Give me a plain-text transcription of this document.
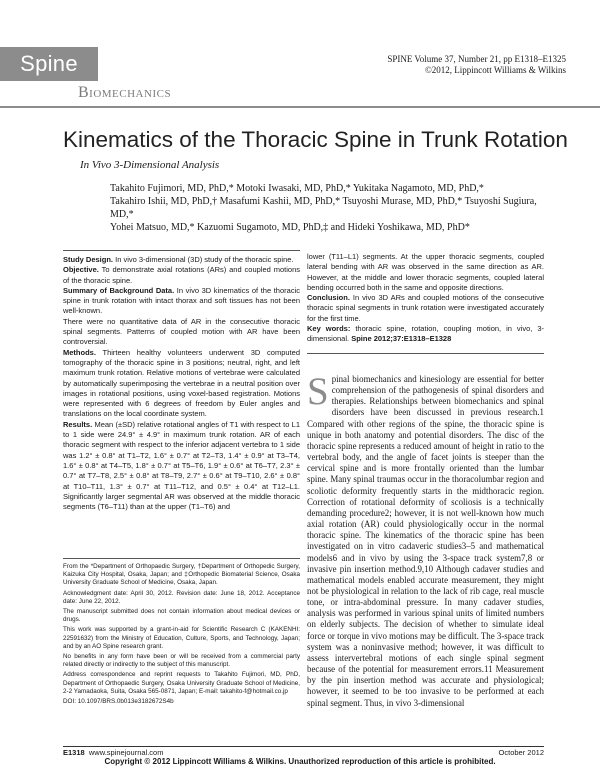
Spine	SPINE Volume 37, Number 21, pp E1318–E1325
©2012, Lippincott Williams & Wilkins
Biomechanics
Kinematics of the Thoracic Spine in Trunk Rotation
In Vivo 3-Dimensional Analysis
Takahito Fujimori, MD, PhD,* Motoki Iwasaki, MD, PhD,* Yukitaka Nagamoto, MD, PhD,*
Takahiro Ishii, MD, PhD,† Masafumi Kashii, MD, PhD,* Tsuyoshi Murase, MD, PhD,* Tsuyoshi Sugiura, MD,*
Yohei Matsuo, MD,* Kazuomi Sugamoto, MD, PhD,‡ and Hideki Yoshikawa, MD, PhD*

Study Design. In vivo 3-dimensional (3D) study of the thoracic spine.

Objective. To demonstrate axial rotations (ARs) and coupled motions of the thoracic spine.

Summary of Background Data. In vivo 3D kinematics of the thoracic spine in trunk rotation with intact thorax and soft tissues has not been well-known.

There were no quantitative data of AR in the consecutive thoracic spinal segments. Patterns of coupled motion with AR have been controversial.

Methods. Thirteen healthy volunteers underwent 3D computed tomography of the thoracic spine in 3 positions; neutral, right, and left maximum trunk rotation. Relative motions of vertebrae were calculated by automatically superimposing the vertebrae in a neutral position over images in rotational positions, using voxel-based registration. Motions were represented with 6 degrees of freedom by Euler angles and translations on the local coordinate system.

Results. Mean (±SD) relative rotational angles of T1 with respect to L1 to 1 side were 24.9° ± 4.9° in maximum trunk rotation. AR of each thoracic segment with respect to the inferior adjacent vertebra to 1 side was 1.2° ± 0.8° at T1–T2, 1.6° ± 0.7° at T2–T3, 1.4° ± 0.9° at T3–T4, 1.6° ± 0.8° at T4–T5, 1.8° ± 0.7° at T5–T6, 1.9° ± 0.6° at T6–T7, 2.3° ± 0.7° at T7–T8, 2.5° ± 0.8° at T8–T9, 2.7° ± 0.6° at T9–T10, 2.6° ± 0.8° at T10–T11, 1.3° ± 0.7° at T11–T12, and 0.5° ± 0.4° at T12–L1. Significantly larger segmental AR was observed at the middle thoracic segments (T6–T11) than at the upper (T1–T6) and

lower (T11–L1) segments. At the upper thoracic segments, coupled lateral bending with AR was observed in the same direction as AR. However, at the middle and lower thoracic segments, coupled lateral bending occurred both in the same and opposite directions.

Conclusion. In vivo 3D ARs and coupled motions of the consecutive thoracic spinal segments in trunk rotation were investigated accurately for the first time.

Key words: thoracic spine, rotation, coupling motion, in vivo, 3-dimensional. Spine 2012;37:E1318–E1328

Spinal biomechanics and kinesiology are essential for better comprehension of the pathogenesis of spinal disorders and therapies. Relationships between biomechanics and spinal disorders have been discussed in previous research.1 Compared with other regions of the spine, the thoracic spine is unique in both anatomy and potential disorders. The disc of the thoracic spine represents a reduced amount of height in ratio to the vertebral body, and the angle of facet joints is steeper than the cervical spine and is more frontally oriented than the lumbar spine. Many spinal traumas occur in the thoracolumbar region and scoliotic deformity frequently starts in the midthoracic region. Correction of rotational deformity of scoliosis is a technically demanding procedure2; however, it is not well-known how much axial rotation (AR) could physiologically occur in the normal thoracic spine. The kinematics of the thoracic spine has been investigated on in vitro cadaveric studies3–5 and mathematical models6 and in vivo by using the 3-space track system7,8 or invasive pin insertion method.9,10 Although cadaver studies and mathematical models enabled accurate measurement, they might not be physiological in relation to the lack of rib cage, real muscle tone, or intra-abdominal pressure. In many cadaver studies, analysis was performed in various spinal units of limited numbers on elderly subjects. The decision of whether to simulate ideal force or torque in vivo motions may be difficult. The 3-space track system was a noninvasive method; however, it was difficult to assess intervertebral motions of each single spinal segment because of the potential for measurement errors.11 Measurement by the pin insertion method was accurate and physiological; however, it seemed to be too invasive to be performed at each spinal segment. Thus, in vivo 3-dimensional

From the *Department of Orthopaedic Surgery, †Department of Orthopedic Surgery, Kaizuka City Hospital, Osaka, Japan; and ‡Orthopedic Biomaterial Science, Osaka University Graduate School of Medicine, Osaka, Japan.

Acknowledgment date: April 30, 2012. Revision date: June 18, 2012. Acceptance date: June 22, 2012.

The manuscript submitted does not contain information about medical devices or drugs.

This work was supported by a grant-in-aid for Scientific Research C (KAKENHI: 22591632) from the Ministry of Education, Culture, Sports, and Technology, Japan; and by an AO Spine research grant.

No benefits in any form have been or will be received from a commercial party related directly or indirectly to the subject of this manuscript.

Address correspondence and reprint requests to Takahito Fujimori, MD, PhD, Department of Orthopaedic Surgery, Osaka University Graduate School of Medicine, 2-2 Yamadaoka, Suita, Osaka 565-0871, Japan; E-mail: takahito-f@hotmail.co.jp

DOI: 10.1097/BRS.0b013e3182672S4b

E1318 www.spinejournal.com	October 2012
Copyright © 2012 Lippincott Williams & Wilkins. Unauthorized reproduction of this article is prohibited.
